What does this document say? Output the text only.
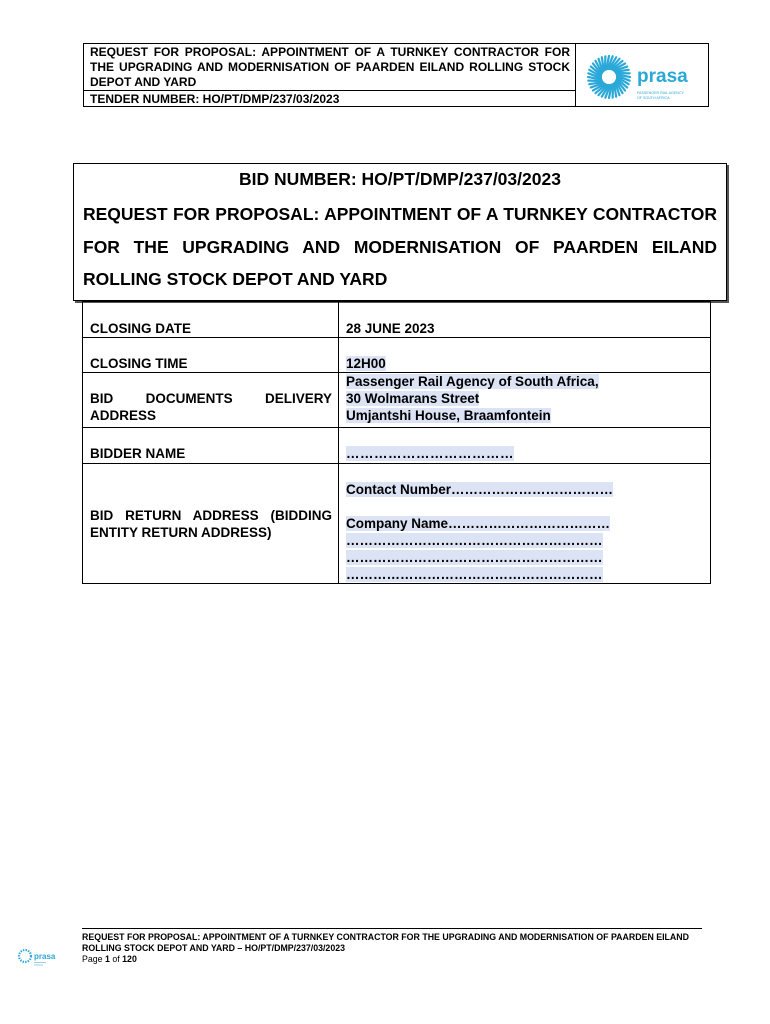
REQUEST FOR PROPOSAL: APPOINTMENT OF A TURNKEY CONTRACTOR FOR THE UPGRADING AND MODERNISATION OF PAARDEN EILAND ROLLING STOCK DEPOT AND YARD
TENDER NUMBER: HO/PT/DMP/237/03/2023
prasa
PASSENGER RAIL AGENCY
OF SOUTH AFRICA
BID NUMBER: HO/PT/DMP/237/03/2023
REQUEST FOR PROPOSAL: APPOINTMENT OF A TURNKEY CONTRACTOR FOR THE UPGRADING AND MODERNISATION OF PAARDEN EILAND ROLLING STOCK DEPOT AND YARD
CLOSING DATE	28 JUNE 2023
CLOSING TIME	12H00
BID DOCUMENTS DELIVERY ADDRESS	Passenger Rail Agency of South Africa,
30 Wolmarans Street
Umjantshi House, Braamfontein
BIDDER NAME	………………………………
BID RETURN ADDRESS (BIDDING ENTITY RETURN ADDRESS)	Contact Number………………………………

Company Name………………………………
…………………………………………………
…………………………………………………
…………………………………………………
prasa
REQUEST FOR PROPOSAL: APPOINTMENT OF A TURNKEY CONTRACTOR FOR THE UPGRADING AND MODERNISATION OF PAARDEN EILAND ROLLING STOCK DEPOT AND YARD – HO/PT/DMP/237/03/2023
Page 1 of 120
